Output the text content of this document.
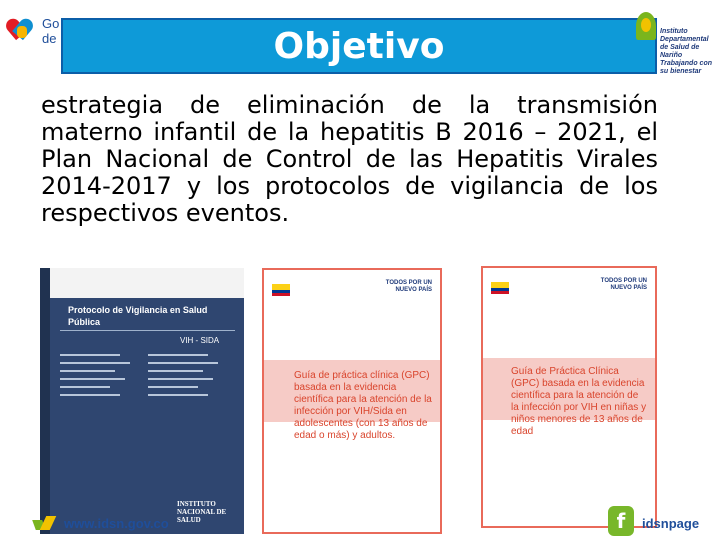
Go
de	Objetivo	Instituto
Departamental
de Salud de Nariño
Trabajando con su bienestar

estrategia de eliminación de la transmisión materno infantil de la hepatitis B 2016 – 2021, el Plan Nacional de Control de las Hepatitis Virales 2014-2017 y los protocolos de vigilancia de los respectivos eventos.

Protocolo de Vigilancia en Salud Pública
VIH - SIDA
INSTITUTO NACIONAL DE SALUD
TODOS POR UN NUEVO PAÍS
Guía de práctica clínica (GPC) basada en la evidencia científica para la atención de la infección por VIH/Sida en adolescentes (con 13 años de edad o más) y adultos.
TODOS POR UN NUEVO PAÍS
Guía de Práctica Clínica (GPC) basada en la evidencia científica para la atención de la infección por VIH en niñas y niños menores de 13 años de edad
www.idsn.gov.co	f	idsnpage
